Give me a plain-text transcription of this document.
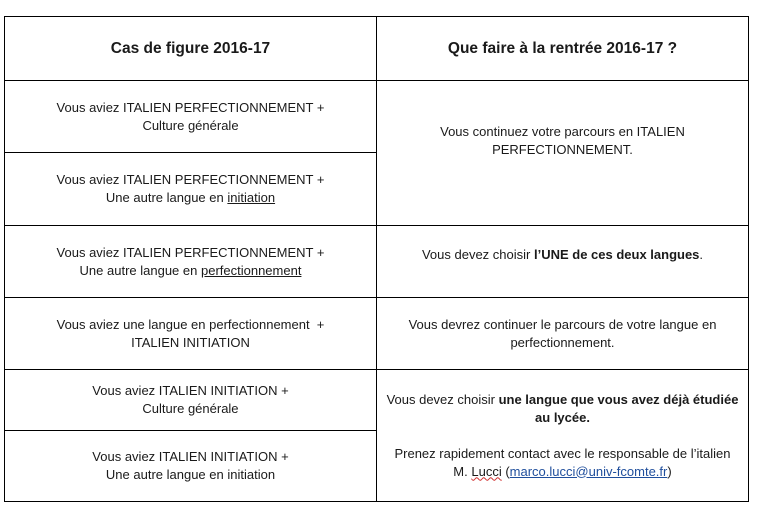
Cas de figure 2016-17	Que faire à la rentrée 2016-17 ?
Vous aviez ITALIEN PERFECTIONNEMENT +
Culture générale
Vous aviez ITALIEN PERFECTIONNEMENT +
Une autre langue en initiation
Vous aviez ITALIEN PERFECTIONNEMENT +
Une autre langue en perfectionnement
Vous aviez une langue en perfectionnement  +
ITALIEN INITIATION
Vous aviez ITALIEN INITIATION +
Culture générale
Vous aviez ITALIEN INITIATION +
Une autre langue en initiation
Vous continuez votre parcours en ITALIEN
PERFECTIONNEMENT.
Vous devez choisir l’UNE de ces deux langues.
Vous devrez continuer le parcours de votre langue en
perfectionnement.
Vous devez choisir une langue que vous avez déjà étudiée
au lycée.
Prenez rapidement contact avec le responsable de l’italien
M. Lucci (marco.lucci@univ-fcomte.fr)
